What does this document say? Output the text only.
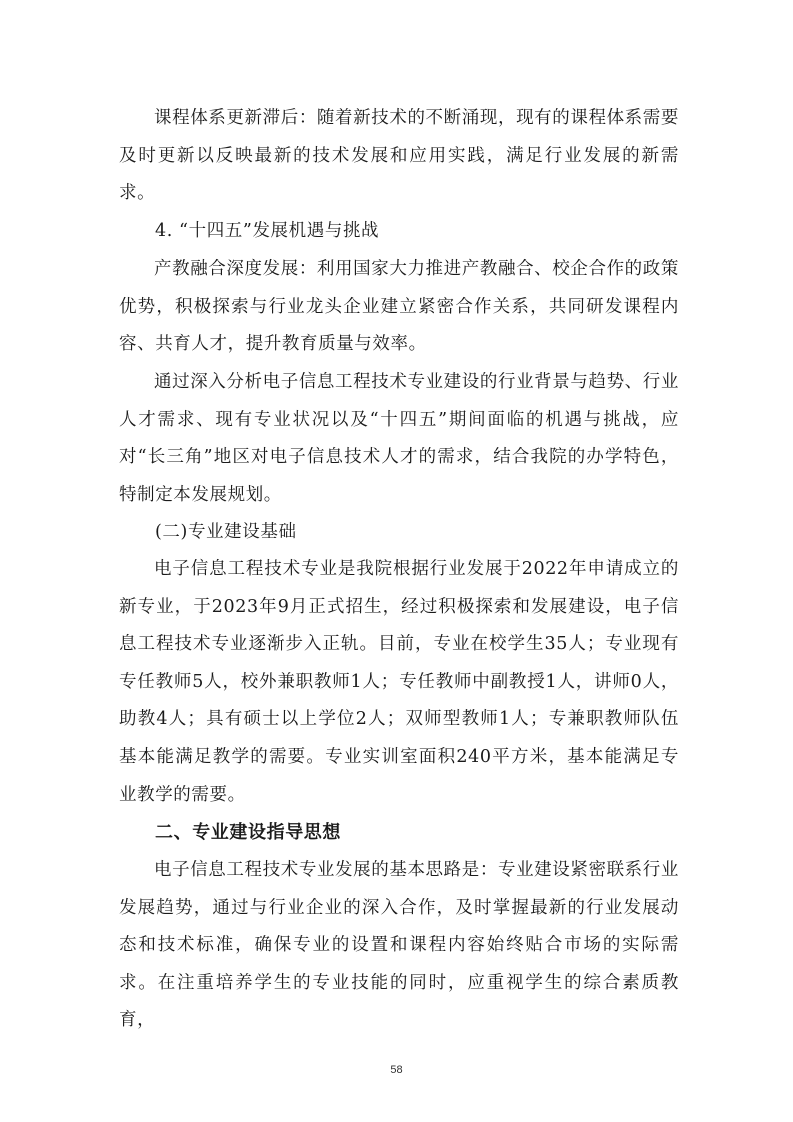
课程体系更新滞后：随着新技术的不断涌现，现有的课程体系需要及时更新以反映最新的技术发展和应用实践，满足行业发展的新需求。

4. “十四五”发展机遇与挑战

产教融合深度发展：利用国家大力推进产教融合、校企合作的政策优势，积极探索与行业龙头企业建立紧密合作关系，共同研发课程内容、共育人才，提升教育质量与效率。

通过深入分析电子信息工程技术专业建设的行业背景与趋势、行业人才需求、现有专业状况以及“十四五”期间面临的机遇与挑战，应对“长三角”地区对电子信息技术人才的需求，结合我院的办学特色，特制定本发展规划。

(二)专业建设基础

电子信息工程技术专业是我院根据行业发展于2022年申请成立的新专业，于2023年9月正式招生，经过积极探索和发展建设，电子信息工程技术专业逐渐步入正轨。目前，专业在校学生35人；专业现有专任教师5人，校外兼职教师1人；专任教师中副教授1人，讲师0人，助教4人；具有硕士以上学位2人；双师型教师1人；专兼职教师队伍基本能满足教学的需要。专业实训室面积240平方米，基本能满足专业教学的需要。

二、专业建设指导思想

电子信息工程技术专业发展的基本思路是：专业建设紧密联系行业发展趋势，通过与行业企业的深入合作，及时掌握最新的行业发展动态和技术标准，确保专业的设置和课程内容始终贴合市场的实际需求。在注重培养学生的专业技能的同时，应重视学生的综合素质教育，

58
